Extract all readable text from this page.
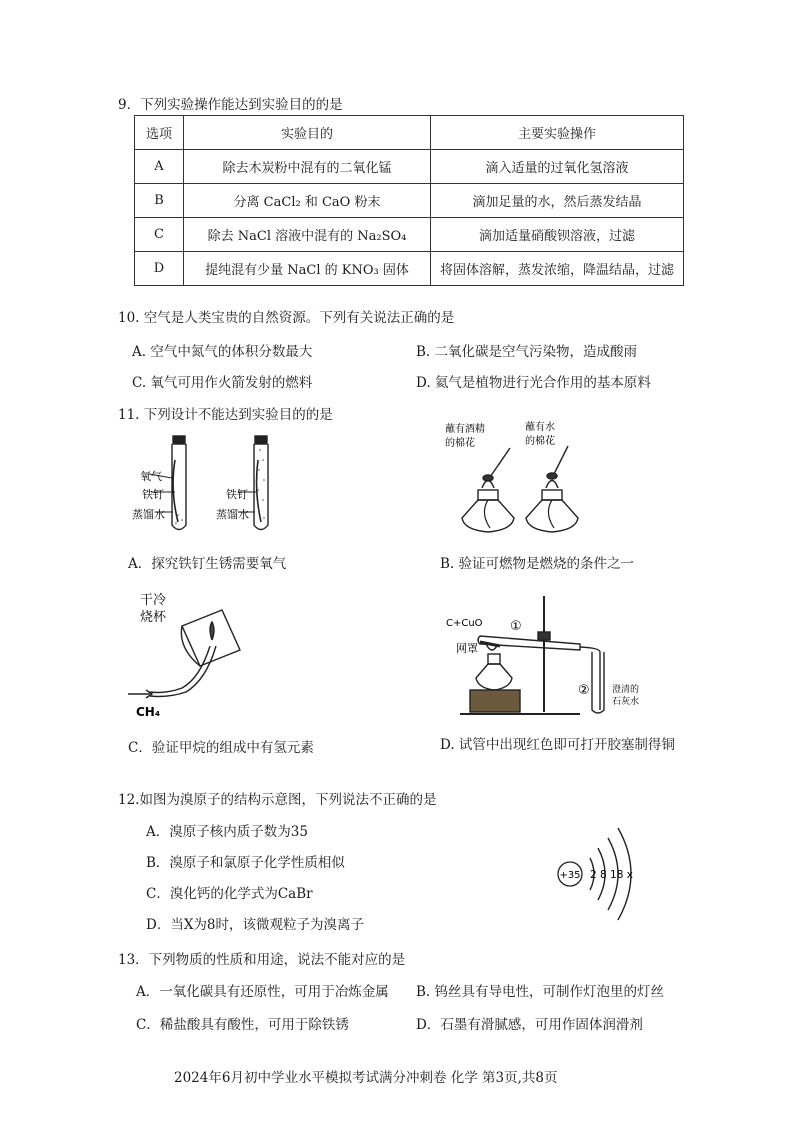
9．下列实验操作能达到实验目的的是
选项	实验目的	主要实验操作
A	除去木炭粉中混有的二氧化锰	滴入适量的过氧化氢溶液
B	分离 CaCl₂ 和 CaO 粉末	滴加足量的水，然后蒸发结晶
C	除去 NaCl 溶液中混有的 Na₂SO₄	滴加适量硝酸钡溶液，过滤
D	提纯混有少量 NaCl 的 KNO₃ 固体	将固体溶解，蒸发浓缩，降温结晶，过滤
10. 空气是人类宝贵的自然资源。下列有关说法正确的是
A. 空气中氮气的体积分数最大	B. 二氧化碳是空气污染物，造成酸雨
C. 氧气可用作火箭发射的燃料	D. 氦气是植物进行光合作用的基本原料
11. 下列设计不能达到实验目的的是
氧气
铁钉
蒸馏水
铁钉
蒸馏水
蘸有酒精
的棉花
蘸有水
的棉花
A．探究铁钉生锈需要氧气	B. 验证可燃物是燃烧的条件之一
干冷
烧杯
CH₄
C+CuO ①
网罩
② 澄清的
石灰水
C．验证甲烷的组成中有氢元素	D. 试管中出现红色即可打开胶塞制得铜
12.如图为溴原子的结构示意图，下列说法不正确的是
A．溴原子核内质子数为35
B．溴原子和氯原子化学性质相似
C．溴化钙的化学式为CaBr
D．当X为8时，该微观粒子为溴离子
+35 2 8 18 x
13．下列物质的性质和用途，说法不能对应的是
A．一氧化碳具有还原性，可用于冶炼金属 B. 钨丝具有导电性，可制作灯泡里的灯丝
C．稀盐酸具有酸性，可用于除铁锈	D．石墨有滑腻感，可用作固体润滑剂
2024年6月初中学业水平模拟考试满分冲刺卷 化学 第3页,共8页
